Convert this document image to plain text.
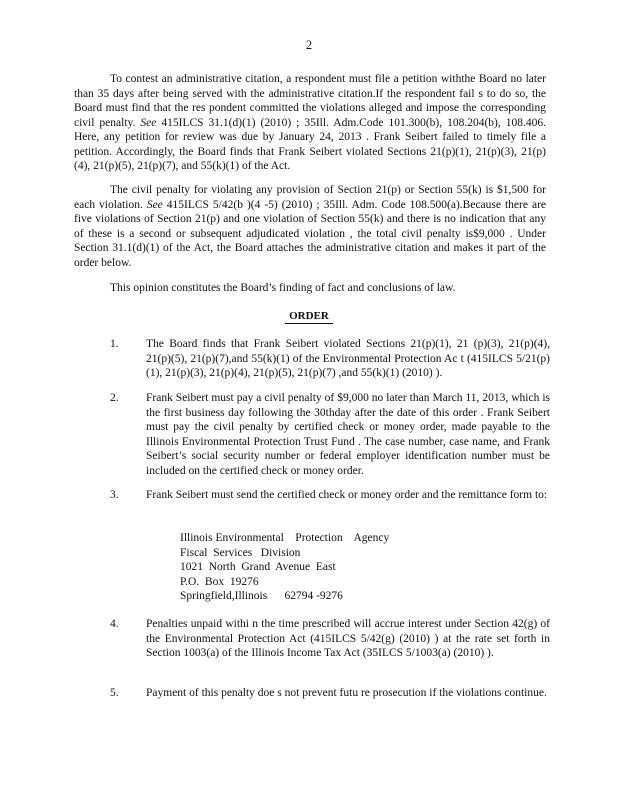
2

To contest an administrative citation, a respondent must file a petition withthe Board no later than 35 days after being served with the administrative citation.If the respondent fail s to do so, the Board must find that the res pondent committed the violations alleged and impose the corresponding civil penalty. See 415ILCS 31.1(d)(1) (2010) ; 35Ill. Adm.Code 101.300(b), 108.204(b), 108.406. Here, any petition for review was due by January 24, 2013 . Frank Seibert failed to timely file a petition. Accordingly, the Board finds that Frank Seibert violated Sections 21(p)(1), 21(p)(3), 21(p)(4), 21(p)(5), 21(p)(7), and 55(k)(1) of the Act.

The civil penalty for violating any provision of Section 21(p) or Section 55(k) is $1,500 for each violation. See 415ILCS 5/42(b )(4 -5) (2010) ; 35Ill. Adm. Code 108.500(a).Because there are five violations of Section 21(p) and one violation of Section 55(k) and there is no indication that any of these is a second or subsequent adjudicated violation , the total civil penalty is$9,000 . Under Section 31.1(d)(1) of the Act, the Board attaches the administrative citation and makes it part of the order below.

This opinion constitutes the Board’s finding of fact and conclusions of law.

ORDER
1.	The Board finds that Frank Seibert violated Sections 21(p)(1), 21 (p)(3), 21(p)(4), 21(p)(5), 21(p)(7),and 55(k)(1) of the Environmental Protection Ac t (415ILCS 5/21(p)(1), 21(p)(3), 21(p)(4), 21(p)(5), 21(p)(7) ,and 55(k)(1) (2010) ).
2.	Frank Seibert must pay a civil penalty of $9,000 no later than March 11, 2013, which is the first business day following the 30thday after the date of this order . Frank Seibert must pay the civil penalty by certified check or money order, made payable to the Illinois Environmental Protection Trust Fund . The case number, case name, and Frank Seibert’s social security number or federal employer identification number must be included on the certified check or money order.
3.	Frank Seibert must send the certified check or money order and the remittance form to:
Illinois Environmental    Protection    Agency
Fiscal  Services   Division
1021  North  Grand  Avenue  East
P.O.  Box  19276
Springfield,Illinois      62794 -9276
4.	Penalties unpaid withi n the time prescribed will accrue interest under Section 42(g) of the Environmental Protection Act (415ILCS 5/42(g) (2010) ) at the rate set forth in Section 1003(a) of the Illinois Income Tax Act (35ILCS 5/1003(a) (2010) ).
5.	Payment of this penalty doe s not prevent futu re prosecution if the violations continue.
